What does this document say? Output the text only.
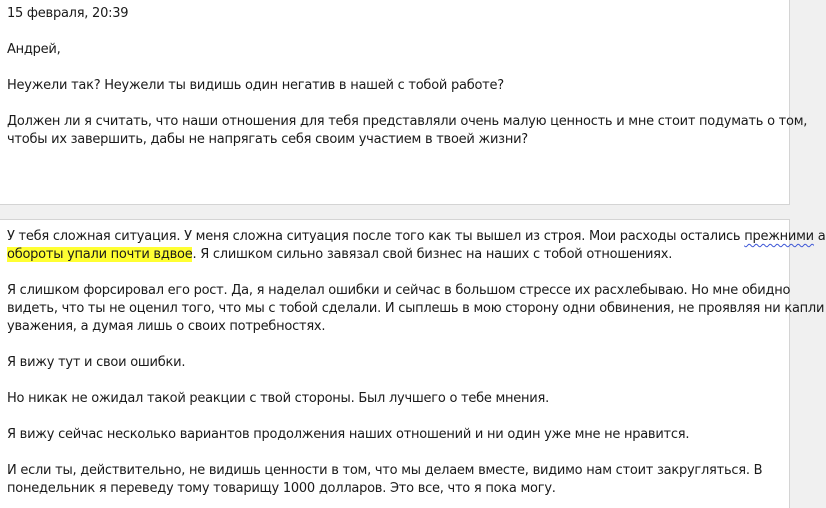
15 февраля, 20:39
Андрей,
Неужели так? Неужели ты видишь один негатив в нашей с тобой работе?
Должен ли я считать, что наши отношения для тебя представляли очень малую ценность и мне стоит подумать о том,
чтобы их завершить, дабы не напрягать себя своим участием в твоей жизни?
У тебя сложная ситуация. У меня сложна ситуация после того как ты вышел из строя. Мои расходы остались прежними а
обороты упали почти вдвое. Я слишком сильно завязал свой бизнес на наших с тобой отношениях.
Я слишком форсировал его рост. Да, я наделал ошибки и сейчас в большом стрессе их расхлебываю. Но мне обидно
видеть, что ты не оценил того, что мы с тобой сделали. И сыплешь в мою сторону одни обвинения, не проявляя ни капли
уважения, а думая лишь о своих потребностях.
Я вижу тут и свои ошибки.
Но никак не ожидал такой реакции с твой стороны. Был лучшего о тебе мнения.
Я вижу сейчас несколько вариантов продолжения наших отношений и ни один уже мне не нравится.
И если ты, действительно, не видишь ценности в том, что мы делаем вместе, видимо нам стоит закругляться. В
понедельник я переведу тому товарищу 1000 долларов. Это все, что я пока могу.
